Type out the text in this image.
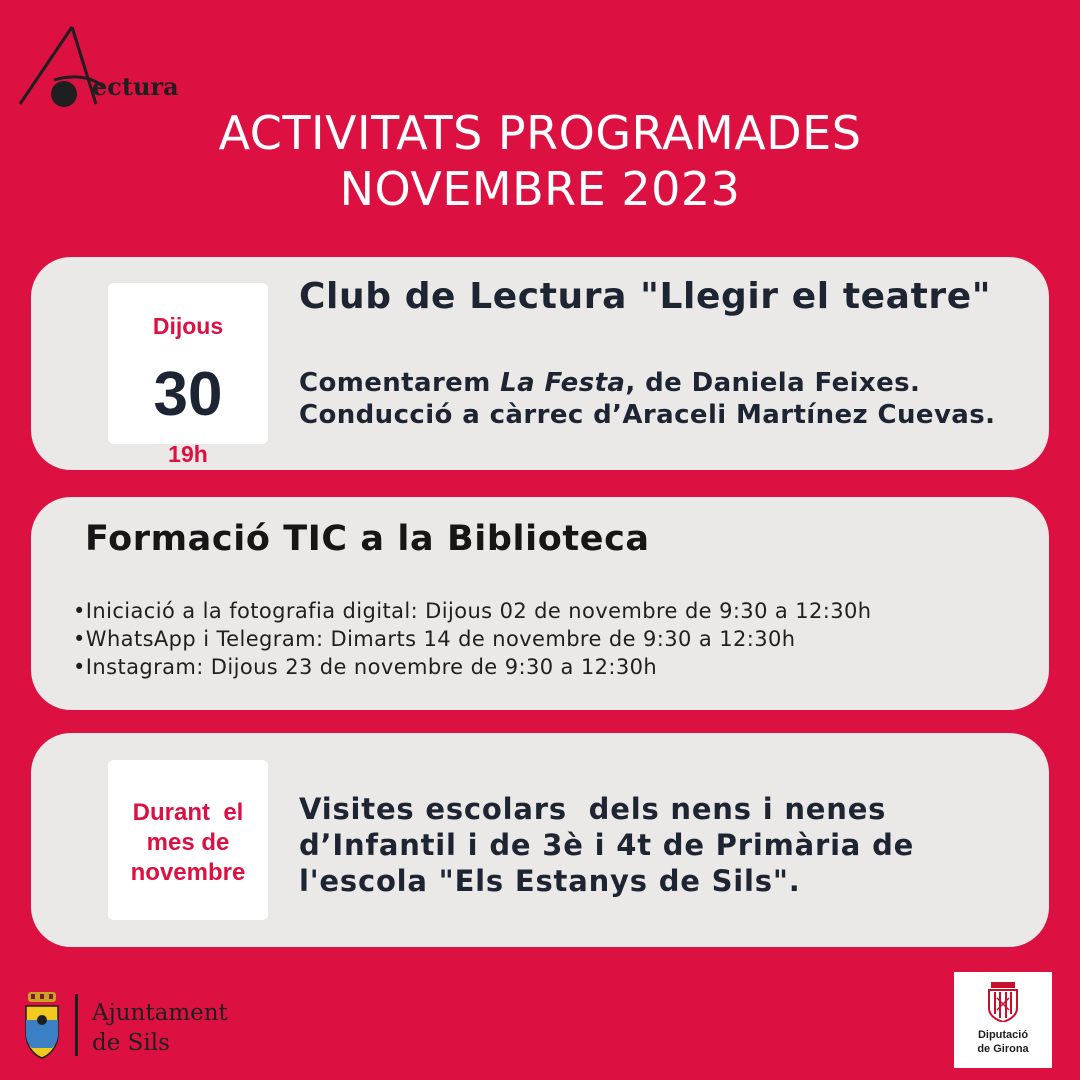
ectura
ACTIVITATS PROGRAMADES
NOVEMBRE 2023
Dijous
30
19h
Club de Lectura "Llegir el teatre"
Comentarem La Festa, de Daniela Feixes.
Conducció a càrrec d’Araceli Martínez Cuevas.
Formació TIC a la Biblioteca
• Iniciació a la fotografia digital: Dijous 02 de novembre de 9:30 a 12:30h
• WhatsApp i Telegram: Dimarts 14 de novembre de 9:30 a 12:30h
• Instagram: Dijous 23 de novembre de 9:30 a 12:30h
Durant  el
mes de
novembre
Visites escolars  dels nens i nenes d’Infantil i de 3è i 4t de Primària de l'escola "Els Estanys de Sils".
Ajuntament
de Sils	Diputació
de Girona
